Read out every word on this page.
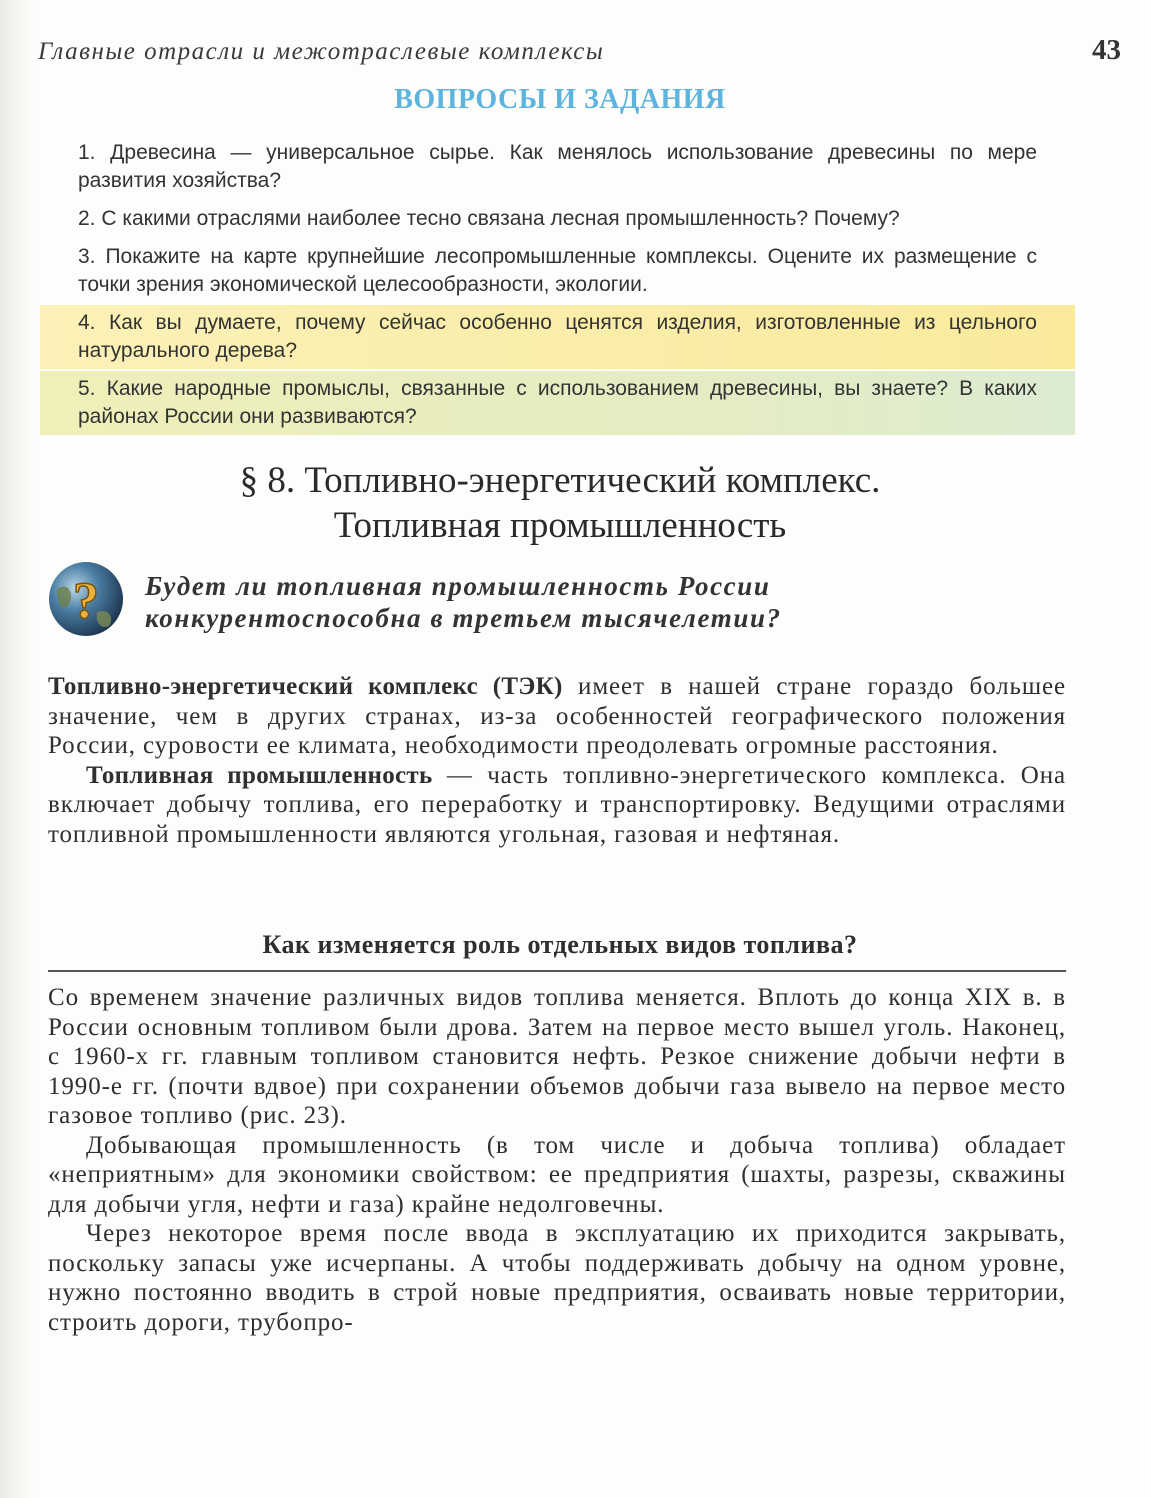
Главные отрасли и межотраслевые комплексы	43
ВОПРОСЫ И ЗАДАНИЯ
1. Древесина — универсальное сырье. Как менялось использование древесины по мере развития хозяйства?
2. С какими отраслями наиболее тесно связана лесная промышленность? Почему?
3. Покажите на карте крупнейшие лесопромышленные комплексы. Оцените их размещение с точки зрения экономической целесообразности, экологии.
4. Как вы думаете, почему сейчас особенно ценятся изделия, изготовленные из цельного натурального дерева?
5. Какие народные промыслы, связанные с использованием древесины, вы знаете? В каких районах России они развиваются?
§ 8. Топливно-энергетический комплекс.
Топливная промышленность
? Будет ли топливная промышленность России
конкурентоспособна в третьем тысячелетии?

Топливно-энергетический комплекс (ТЭК) имеет в нашей стране гораздо большее значение, чем в других странах, из-за особенностей географического положения России, суровости ее климата, необходимости преодолевать огромные расстояния.

Топливная промышленность — часть топливно-энергетического комплекса. Она включает добычу топлива, его переработку и транспортировку. Ведущими отраслями топливной промышленности являются угольная, газовая и нефтяная.

Как изменяется роль отдельных видов топлива?

Со временем значение различных видов топлива меняется. Вплоть до конца XIX в. в России основным топливом были дрова. Затем на первое место вышел уголь. Наконец, с 1960-х гг. главным топливом становится нефть. Резкое снижение добычи нефти в 1990-е гг. (почти вдвое) при сохранении объемов добычи газа вывело на первое место газовое топливо (рис. 23).

Добывающая промышленность (в том числе и добыча топлива) обладает «неприятным» для экономики свойством: ее предприятия (шахты, разрезы, скважины для добычи угля, нефти и газа) крайне недолговечны.

Через некоторое время после ввода в эксплуатацию их приходится закрывать, поскольку запасы уже исчерпаны. А чтобы поддерживать добычу на одном уровне, нужно постоянно вводить в строй новые предприятия, осваивать новые территории, строить дороги, трубопро-
